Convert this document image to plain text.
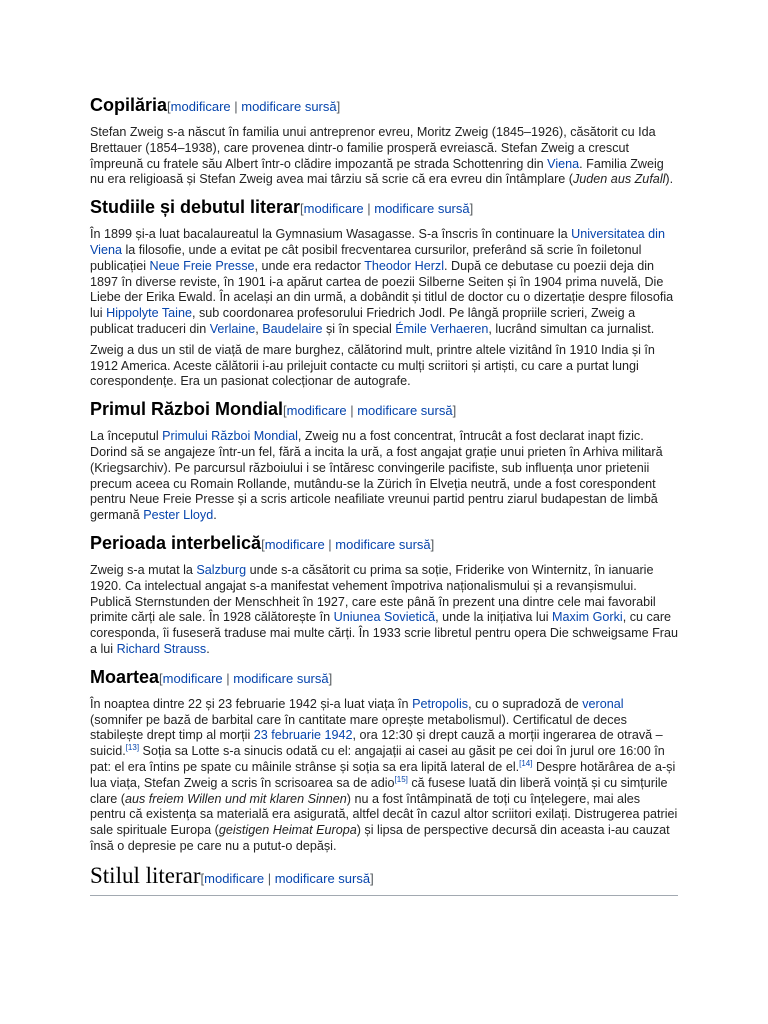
Copilăria[modificare | modificare sursă]

Stefan Zweig s-a născut în familia unui antreprenor evreu, Moritz Zweig (1845–1926), căsătorit cu Ida Brettauer (1854–1938), care provenea dintr-o familie prosperă evreiască. Stefan Zweig a crescut împreună cu fratele său Albert într-o clădire impozantă pe strada Schottenring din Viena. Familia Zweig nu era religioasă și Stefan Zweig avea mai târziu să scrie că era evreu din întâmplare (Juden aus Zufall).

Studiile și debutul literar[modificare | modificare sursă]

În 1899 și-a luat bacalaureatul la Gymnasium Wasagasse. S-a înscris în continuare la Universitatea din Viena la filosofie, unde a evitat pe cât posibil frecventarea cursurilor, preferând să scrie în foiletonul publicației Neue Freie Presse, unde era redactor Theodor Herzl. După ce debutase cu poezii deja din 1897 în diverse reviste, în 1901 i-a apărut cartea de poezii Silberne Seiten și în 1904 prima nuvelă, Die Liebe der Erika Ewald. În același an din urmă, a dobândit și titlul de doctor cu o dizertație despre filosofia lui Hippolyte Taine, sub coordonarea profesorului Friedrich Jodl. Pe lângă propriile scrieri, Zweig a publicat traduceri din Verlaine, Baudelaire și în special Émile Verhaeren, lucrând simultan ca jurnalist.

Zweig a dus un stil de viață de mare burghez, călătorind mult, printre altele vizitând în 1910 India și în 1912 America. Aceste călătorii i-au prilejuit contacte cu mulți scriitori și artiști, cu care a purtat lungi corespondențe. Era un pasionat colecționar de autografe.

Primul Război Mondial[modificare | modificare sursă]

La începutul Primului Război Mondial, Zweig nu a fost concentrat, întrucât a fost declarat inapt fizic. Dorind să se angajeze într-un fel, fără a incita la ură, a fost angajat grație unui prieten în Arhiva militară (Kriegsarchiv). Pe parcursul războiului i se întăresc convingerile pacifiste, sub influența unor prietenii precum aceea cu Romain Rollande, mutându-se la Zürich în Elveția neutră, unde a fost corespondent pentru Neue Freie Presse și a scris articole neafiliate vreunui partid pentru ziarul budapestan de limbă germană Pester Lloyd.

Perioada interbelică[modificare | modificare sursă]

Zweig s-a mutat la Salzburg unde s-a căsătorit cu prima sa soție, Friderike von Winternitz, în ianuarie 1920. Ca intelectual angajat s-a manifestat vehement împotriva naționalismului și a revanșismului. Publică Sternstunden der Menschheit în 1927, care este până în prezent una dintre cele mai favorabil primite cărți ale sale. În 1928 călătorește în Uniunea Sovietică, unde la inițiativa lui Maxim Gorki, cu care coresponda, îi fuseseră traduse mai multe cărți. În 1933 scrie libretul pentru opera Die schweigsame Frau a lui Richard Strauss.

Moartea[modificare | modificare sursă]

În noaptea dintre 22 și 23 februarie 1942 și-a luat viața în Petropolis, cu o supradoză de veronal (somnifer pe bază de barbital care în cantitate mare oprește metabolismul). Certificatul de deces stabilește drept timp al morții 23 februarie 1942, ora 12:30 și drept cauză a morții ingerarea de otravă – suicid.[13] Soția sa Lotte s-a sinucis odată cu el: angajații ai casei au găsit pe cei doi în jurul ore 16:00 în pat: el era întins pe spate cu mâinile strânse și soția sa era lipită lateral de el.[14] Despre hotărârea de a-și lua viața, Stefan Zweig a scris în scrisoarea sa de adio[15] că fusese luată din liberă voință și cu simțurile clare (aus freiem Willen und mit klaren Sinnen) nu a fost întâmpinată de toți cu înțelegere, mai ales pentru că existența sa materială era asigurată, altfel decât în cazul altor scriitori exilați. Distrugerea patriei sale spirituale Europa (geistigen Heimat Europa) și lipsa de perspective decursă din aceasta i-au cauzat însă o depresie pe care nu a putut-o depăși.

Stilul literar[modificare | modificare sursă]
